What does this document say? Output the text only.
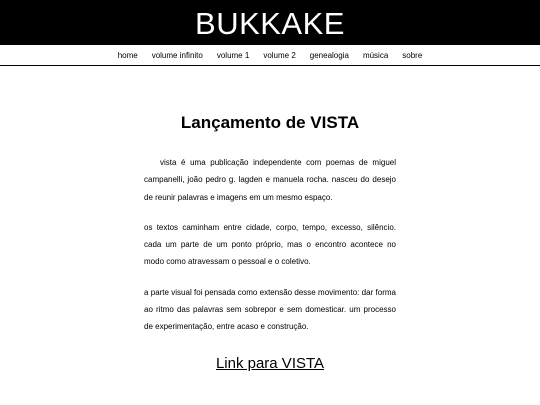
BUKKAKE
home volume infinito volume 1 volume 2 genealogia música sobre
Lançamento de VISTA

vista é uma publicação independente com poemas de miguel campanelli, joão pedro g. lagden e manuela rocha. nasceu do desejo de reunir palavras e imagens em um mesmo espaço.

os textos caminham entre cidade, corpo, tempo, excesso, silêncio. cada um parte de um ponto próprio, mas o encontro acontece no modo como atravessam o pessoal e o coletivo.

a parte visual foi pensada como extensão desse movimento: dar forma ao ritmo das palavras sem sobrepor e sem domesticar. um processo de experimentação, entre acaso e construção.

Link para VISTA
